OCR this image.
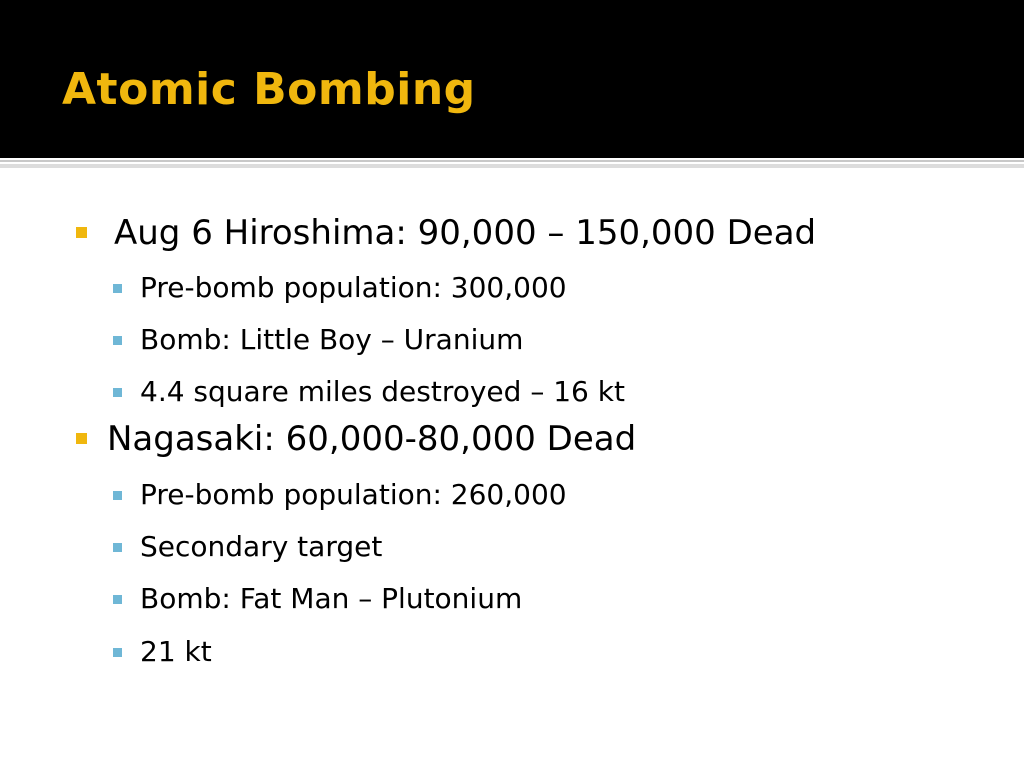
Atomic Bombing
Aug 6 Hiroshima: 90,000 – 150,000 Dead
Pre-bomb population: 300,000
Bomb: Little Boy – Uranium
4.4 square miles destroyed – 16 kt
Nagasaki: 60,000-80,000 Dead
Pre-bomb population: 260,000
Secondary target
Bomb: Fat Man – Plutonium
21 kt
